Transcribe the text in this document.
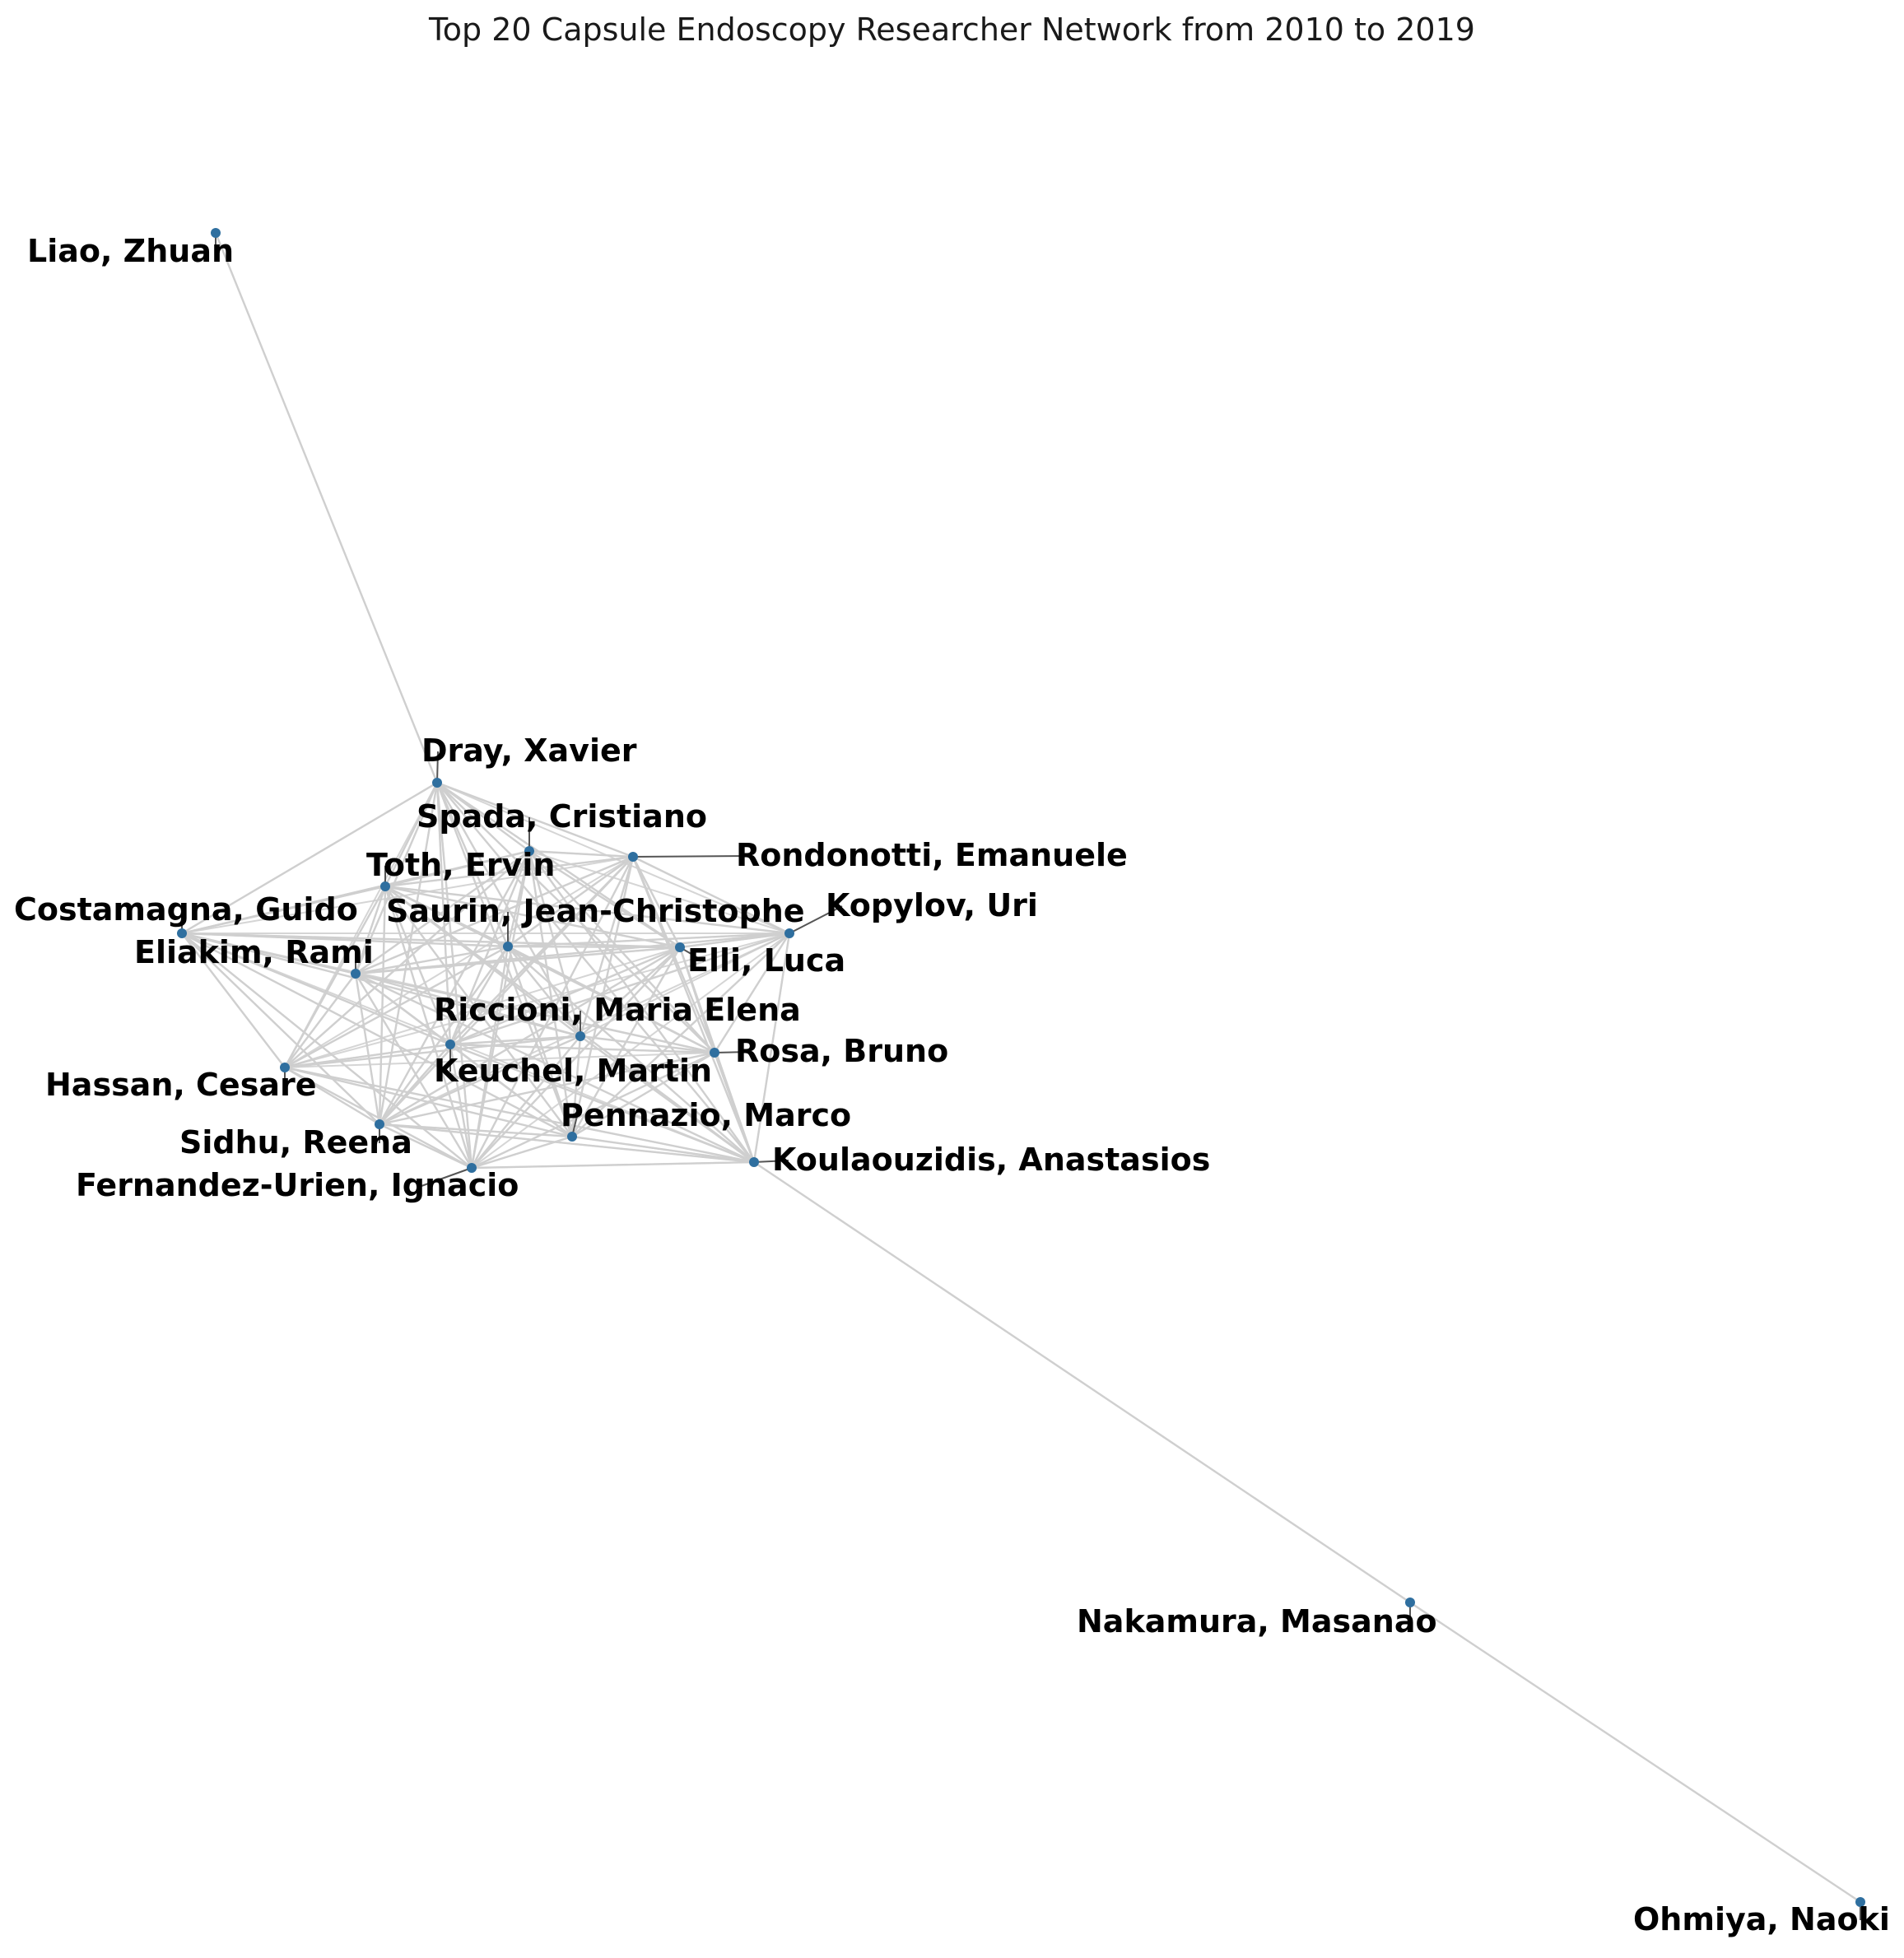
Top 20 Capsule Endoscopy Researcher Network from 2010 to 2019
Liao, Zhuan
Dray, Xavier
Spada, Cristiano
Rondonotti, Emanuele
Toth, Ervin
Costamagna, Guido Saurin, Jean-Christophe Kopylov, Uri
Eliakim, Rami	Elli, Luca
Riccioni, Maria Elena
Keuchel, Martin
Rosa, Bruno
Hassan, Cesare
Pennazio, Marco
Sidhu, Reena	Koulaouzidis, Anastasios
Fernandez-Urien, Ignacio
Nakamura, Masanao
Ohmiya, Naoki
